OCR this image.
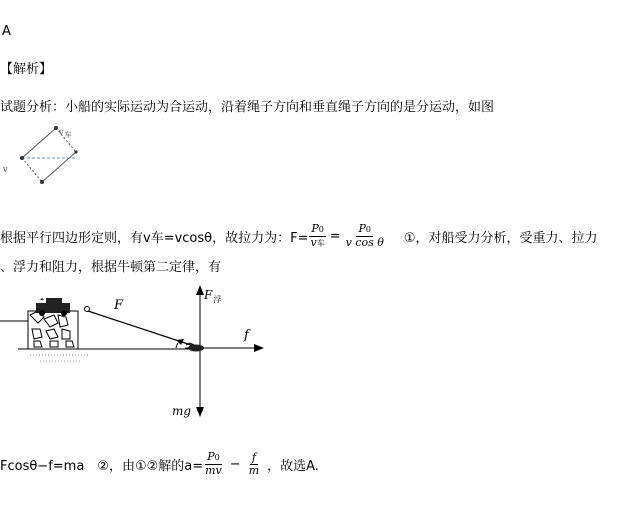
A
【解析】
试题分析：小船的实际运动为合运动，沿着绳子方向和垂直绳子方向的是分运动，如图
v车
v
根据平行四边形定则，有v车=vcosθ，故拉力为：$F= \frac{P0}{\text{v车}} = \frac{P0}{\text{v cos θ}}$ ①，对船受力分析，受重力、拉力
、浮力和阻力，根据牛顿第二定律，有
F
$F_浮$
f
mg
Fcosθ−f=ma　②，由①②解的$a= \frac{P0}{mv} - \frac{f}{m}$ ，故选A.
